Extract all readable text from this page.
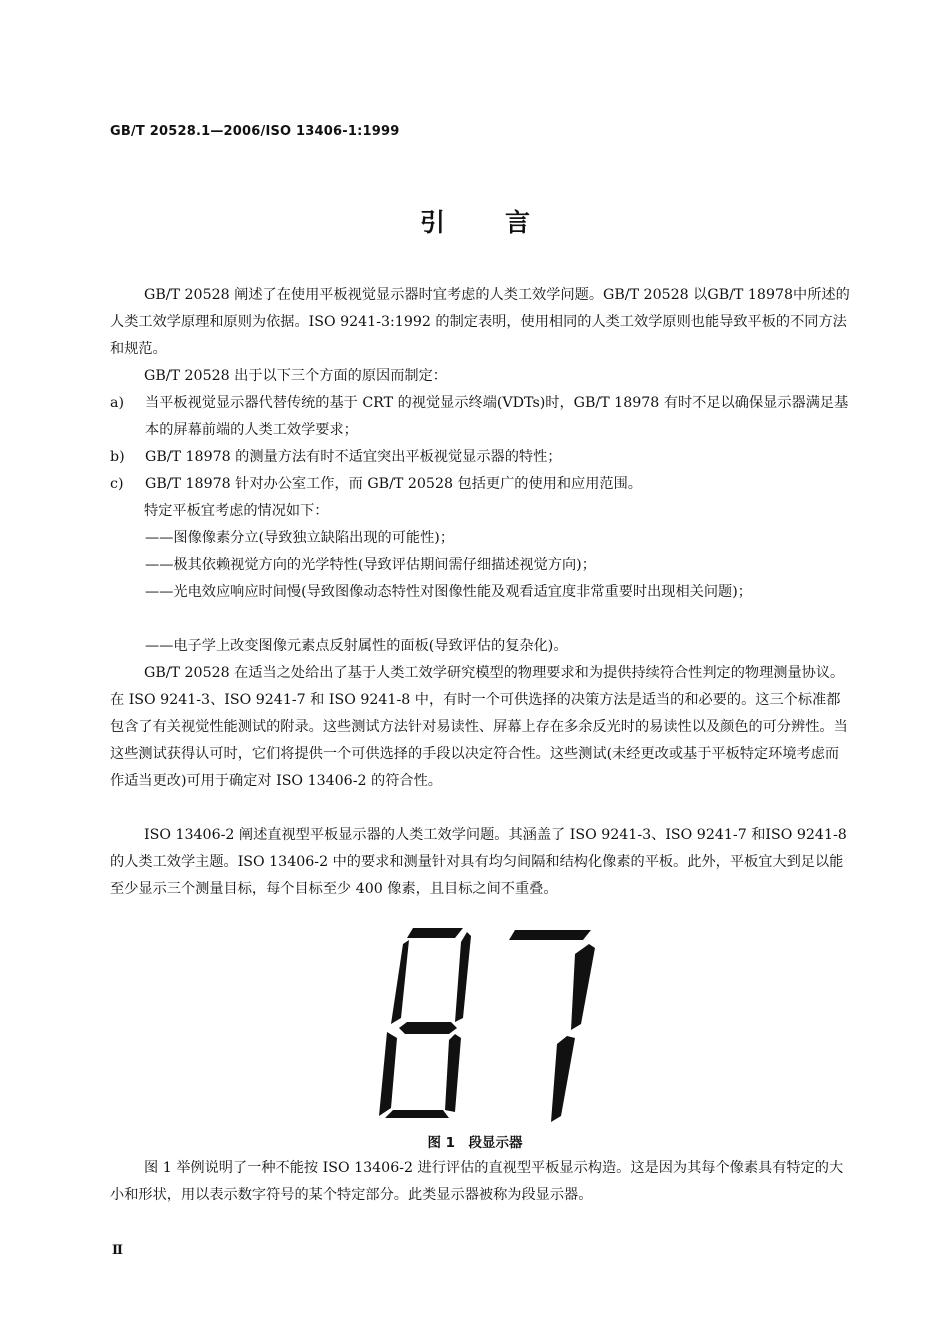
GB/T 20528.1—2006/ISO 13406-1:1999
引言

GB/T 20528 阐述了在使用平板视觉显示器时宜考虑的人类工效学问题。GB/T 20528 以GB/T 18978中所述的人类工效学原理和原则为依据。ISO 9241-3:1992 的制定表明，使用相同的人类工效学原则也能导致平板的不同方法和规范。

GB/T 20528 出于以下三个方面的原因而制定：

a) 当平板视觉显示器代替传统的基于 CRT 的视觉显示终端(VDTs)时，GB/T 18978 有时不足以确保显示器满足基本的屏幕前端的人类工效学要求；
b) GB/T 18978 的测量方法有时不适宜突出平板视觉显示器的特性；
c) GB/T 18978 针对办公室工作，而 GB/T 20528 包括更广的使用和应用范围。

特定平板宜考虑的情况如下：

——图像像素分立(导致独立缺陷出现的可能性)；
——极其依赖视觉方向的光学特性(导致评估期间需仔细描述视觉方向)；
——光电效应响应时间慢(导致图像动态特性对图像性能及观看适宜度非常重要时出现相关问题)；
——电子学上改变图像元素点反射属性的面板(导致评估的复杂化)。

GB/T 20528 在适当之处给出了基于人类工效学研究模型的物理要求和为提供持续符合性判定的物理测量协议。在 ISO 9241-3、ISO 9241-7 和 ISO 9241-8 中，有时一个可供选择的决策方法是适当的和必要的。这三个标准都包含了有关视觉性能测试的附录。这些测试方法针对易读性、屏幕上存在多余反光时的易读性以及颜色的可分辨性。当这些测试获得认可时，它们将提供一个可供选择的手段以决定符合性。这些测试(未经更改或基于平板特定环境考虑而作适当更改)可用于确定对 ISO 13406-2 的符合性。

ISO 13406-2 阐述直视型平板显示器的人类工效学问题。其涵盖了 ISO 9241-3、ISO 9241-7 和ISO 9241-8的人类工效学主题。ISO 13406-2 中的要求和测量针对具有均匀间隔和结构化像素的平板。此外，平板宜大到足以能至少显示三个测量目标，每个目标至少 400 像素，且目标之间不重叠。

图 1　段显示器

图 1 举例说明了一种不能按 ISO 13406-2 进行评估的直视型平板显示构造。这是因为其每个像素具有特定的大小和形状，用以表示数字符号的某个特定部分。此类显示器被称为段显示器。

Ⅱ
